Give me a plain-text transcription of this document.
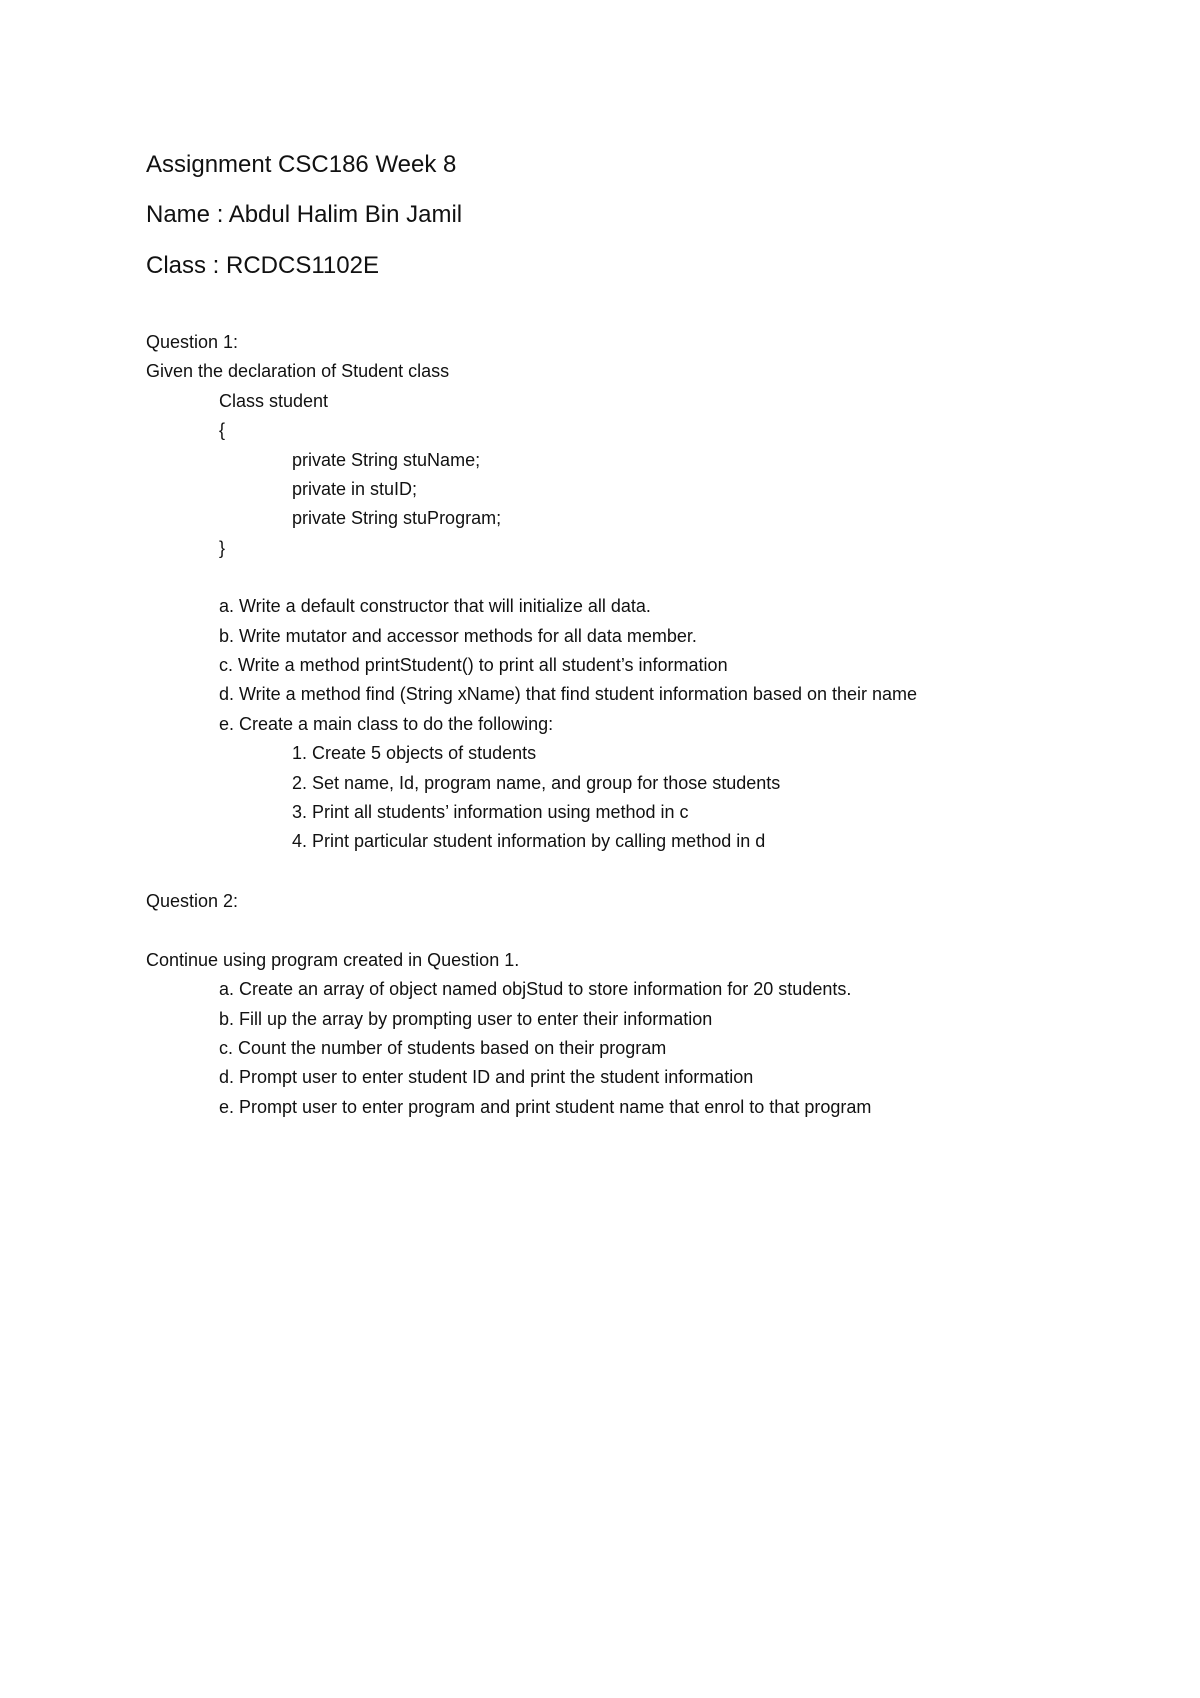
Assignment CSC186 Week 8
Name : Abdul Halim Bin Jamil
Class : RCDCS1102E
Question 1:
Given the declaration of Student class
Class student
{
private String stuName;
private in stuID;
private String stuProgram;
}
a. Write a default constructor that will initialize all data.
b. Write mutator and accessor methods for all data member.
c. Write a method printStudent() to print all student’s information
d. Write a method find (String xName) that find student information based on their name
e. Create a main class to do the following:
1. Create 5 objects of students
2. Set name, Id, program name, and group for those students
3. Print all students’ information using method in c
4. Print particular student information by calling method in d
Question 2:
Continue using program created in Question 1.
a. Create an array of object named objStud to store information for 20 students.
b. Fill up the array by prompting user to enter their information
c. Count the number of students based on their program
d. Prompt user to enter student ID and print the student information
e. Prompt user to enter program and print student name that enrol to that program
